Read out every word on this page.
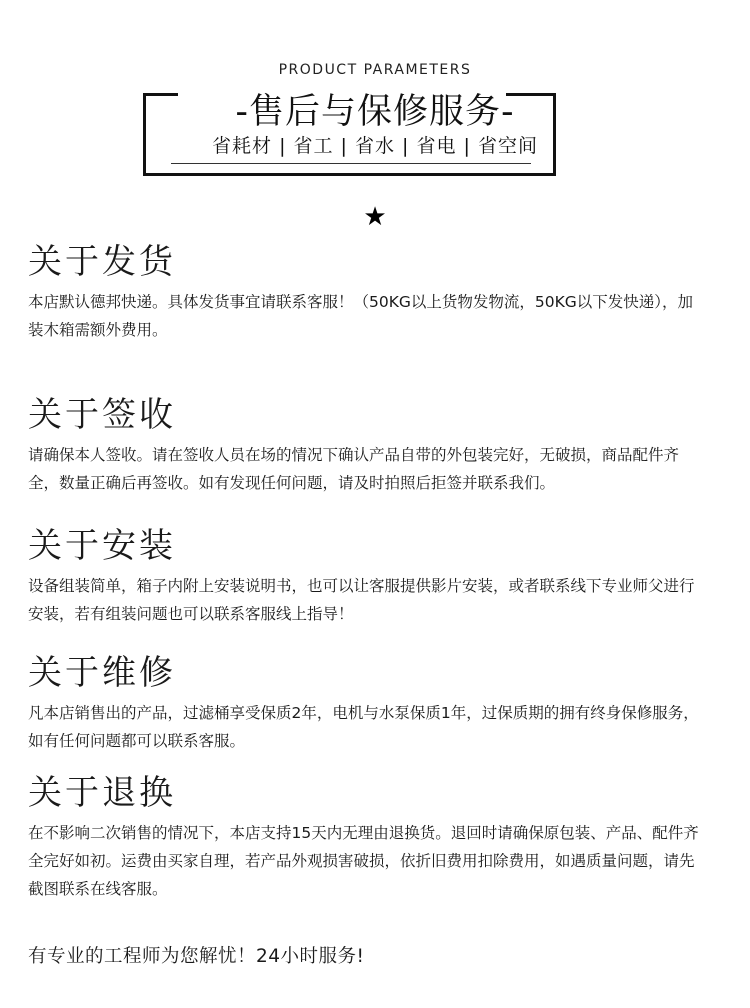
PRODUCT PARAMETERS
-售后与保修服务-
省耗材 | 省工 | 省水 | 省电 | 省空间
★
关于发货

本店默认德邦快递。具体发货事宜请联系客服！（50KG以上货物发物流，50KG以下发快递），加装木箱需额外费用。

关于签收

请确保本人签收。请在签收人员在场的情况下确认产品自带的外包装完好，无破损，商品配件齐全，数量正确后再签收。如有发现任何问题，请及时拍照后拒签并联系我们。

关于安装

设备组装简单，箱子内附上安装说明书，也可以让客服提供影片安装，或者联系线下专业师父进行安装，若有组装问题也可以联系客服线上指导！

关于维修

凡本店销售出的产品，过滤桶享受保质2年，电机与水泵保质1年，过保质期的拥有终身保修服务，如有任何问题都可以联系客服。

关于退换

在不影响二次销售的情况下，本店支持15天内无理由退换货。退回时请确保原包装、产品、配件齐全完好如初。运费由买家自理，若产品外观损害破损，依折旧费用扣除费用，如遇质量问题，请先截图联系在线客服。

有专业的工程师为您解忧！24小时服务!
